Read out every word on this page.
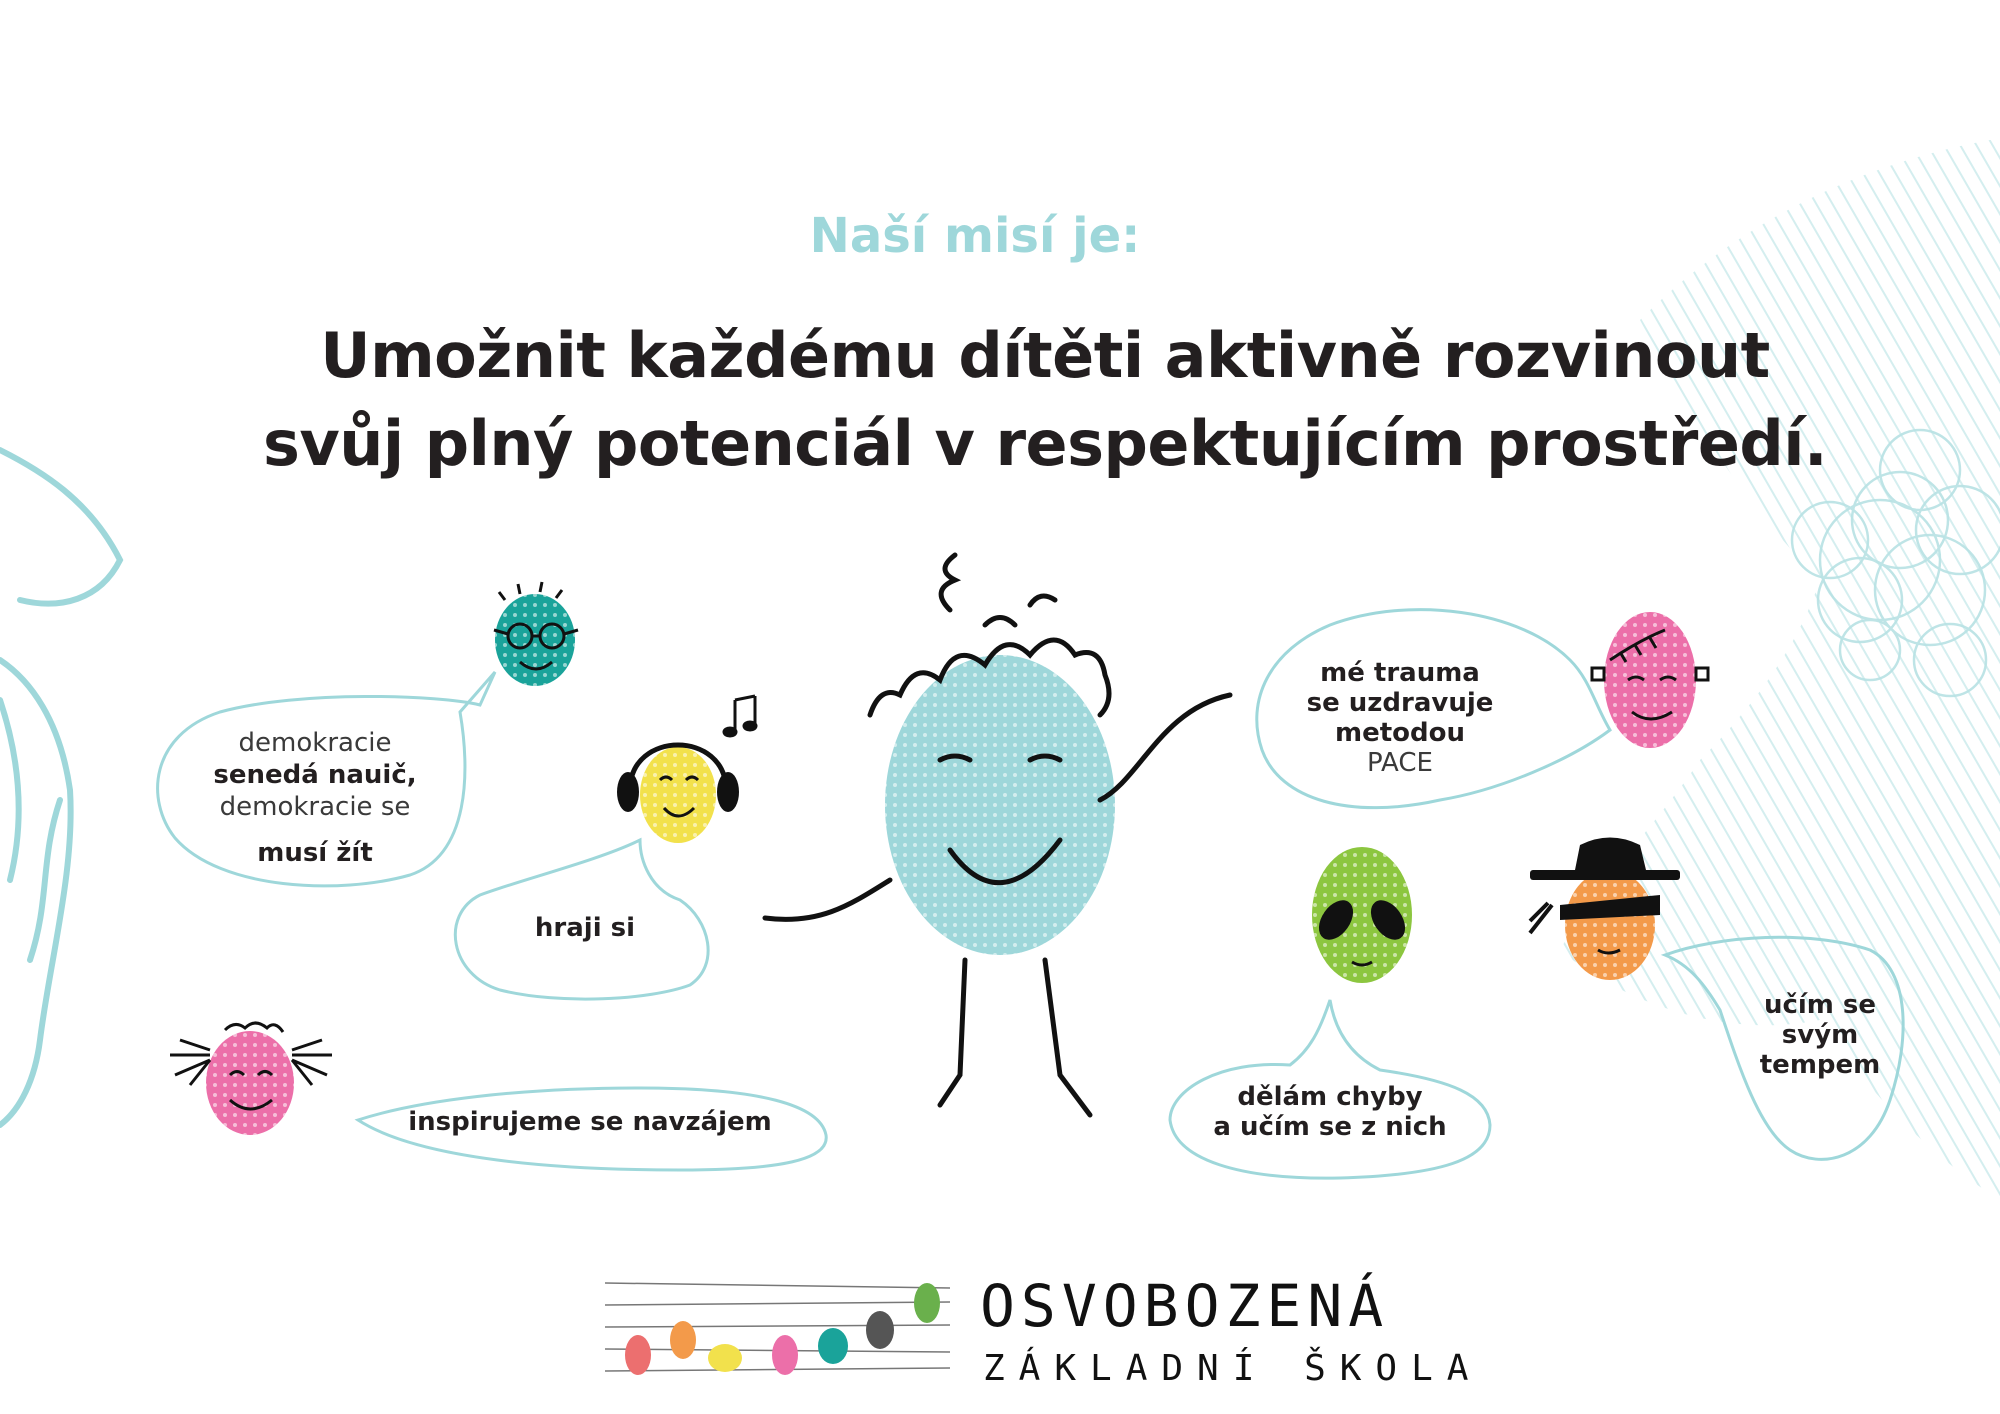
Naší misí je:
Umožnit každému dítěti aktivně rozvinout
svůj plný potenciál v respektujícím prostředí.
demokracie
senedá nauič,
demokracie se
musí žít
hraji si
inspirujeme se navzájem
mé trauma
se uzdravuje
metodou
PACE
dělám chyby
a učím se z nich
učím se
svým
tempem
OSVOBOZENÁ
ZÁKLADNÍ ŠKOLA
